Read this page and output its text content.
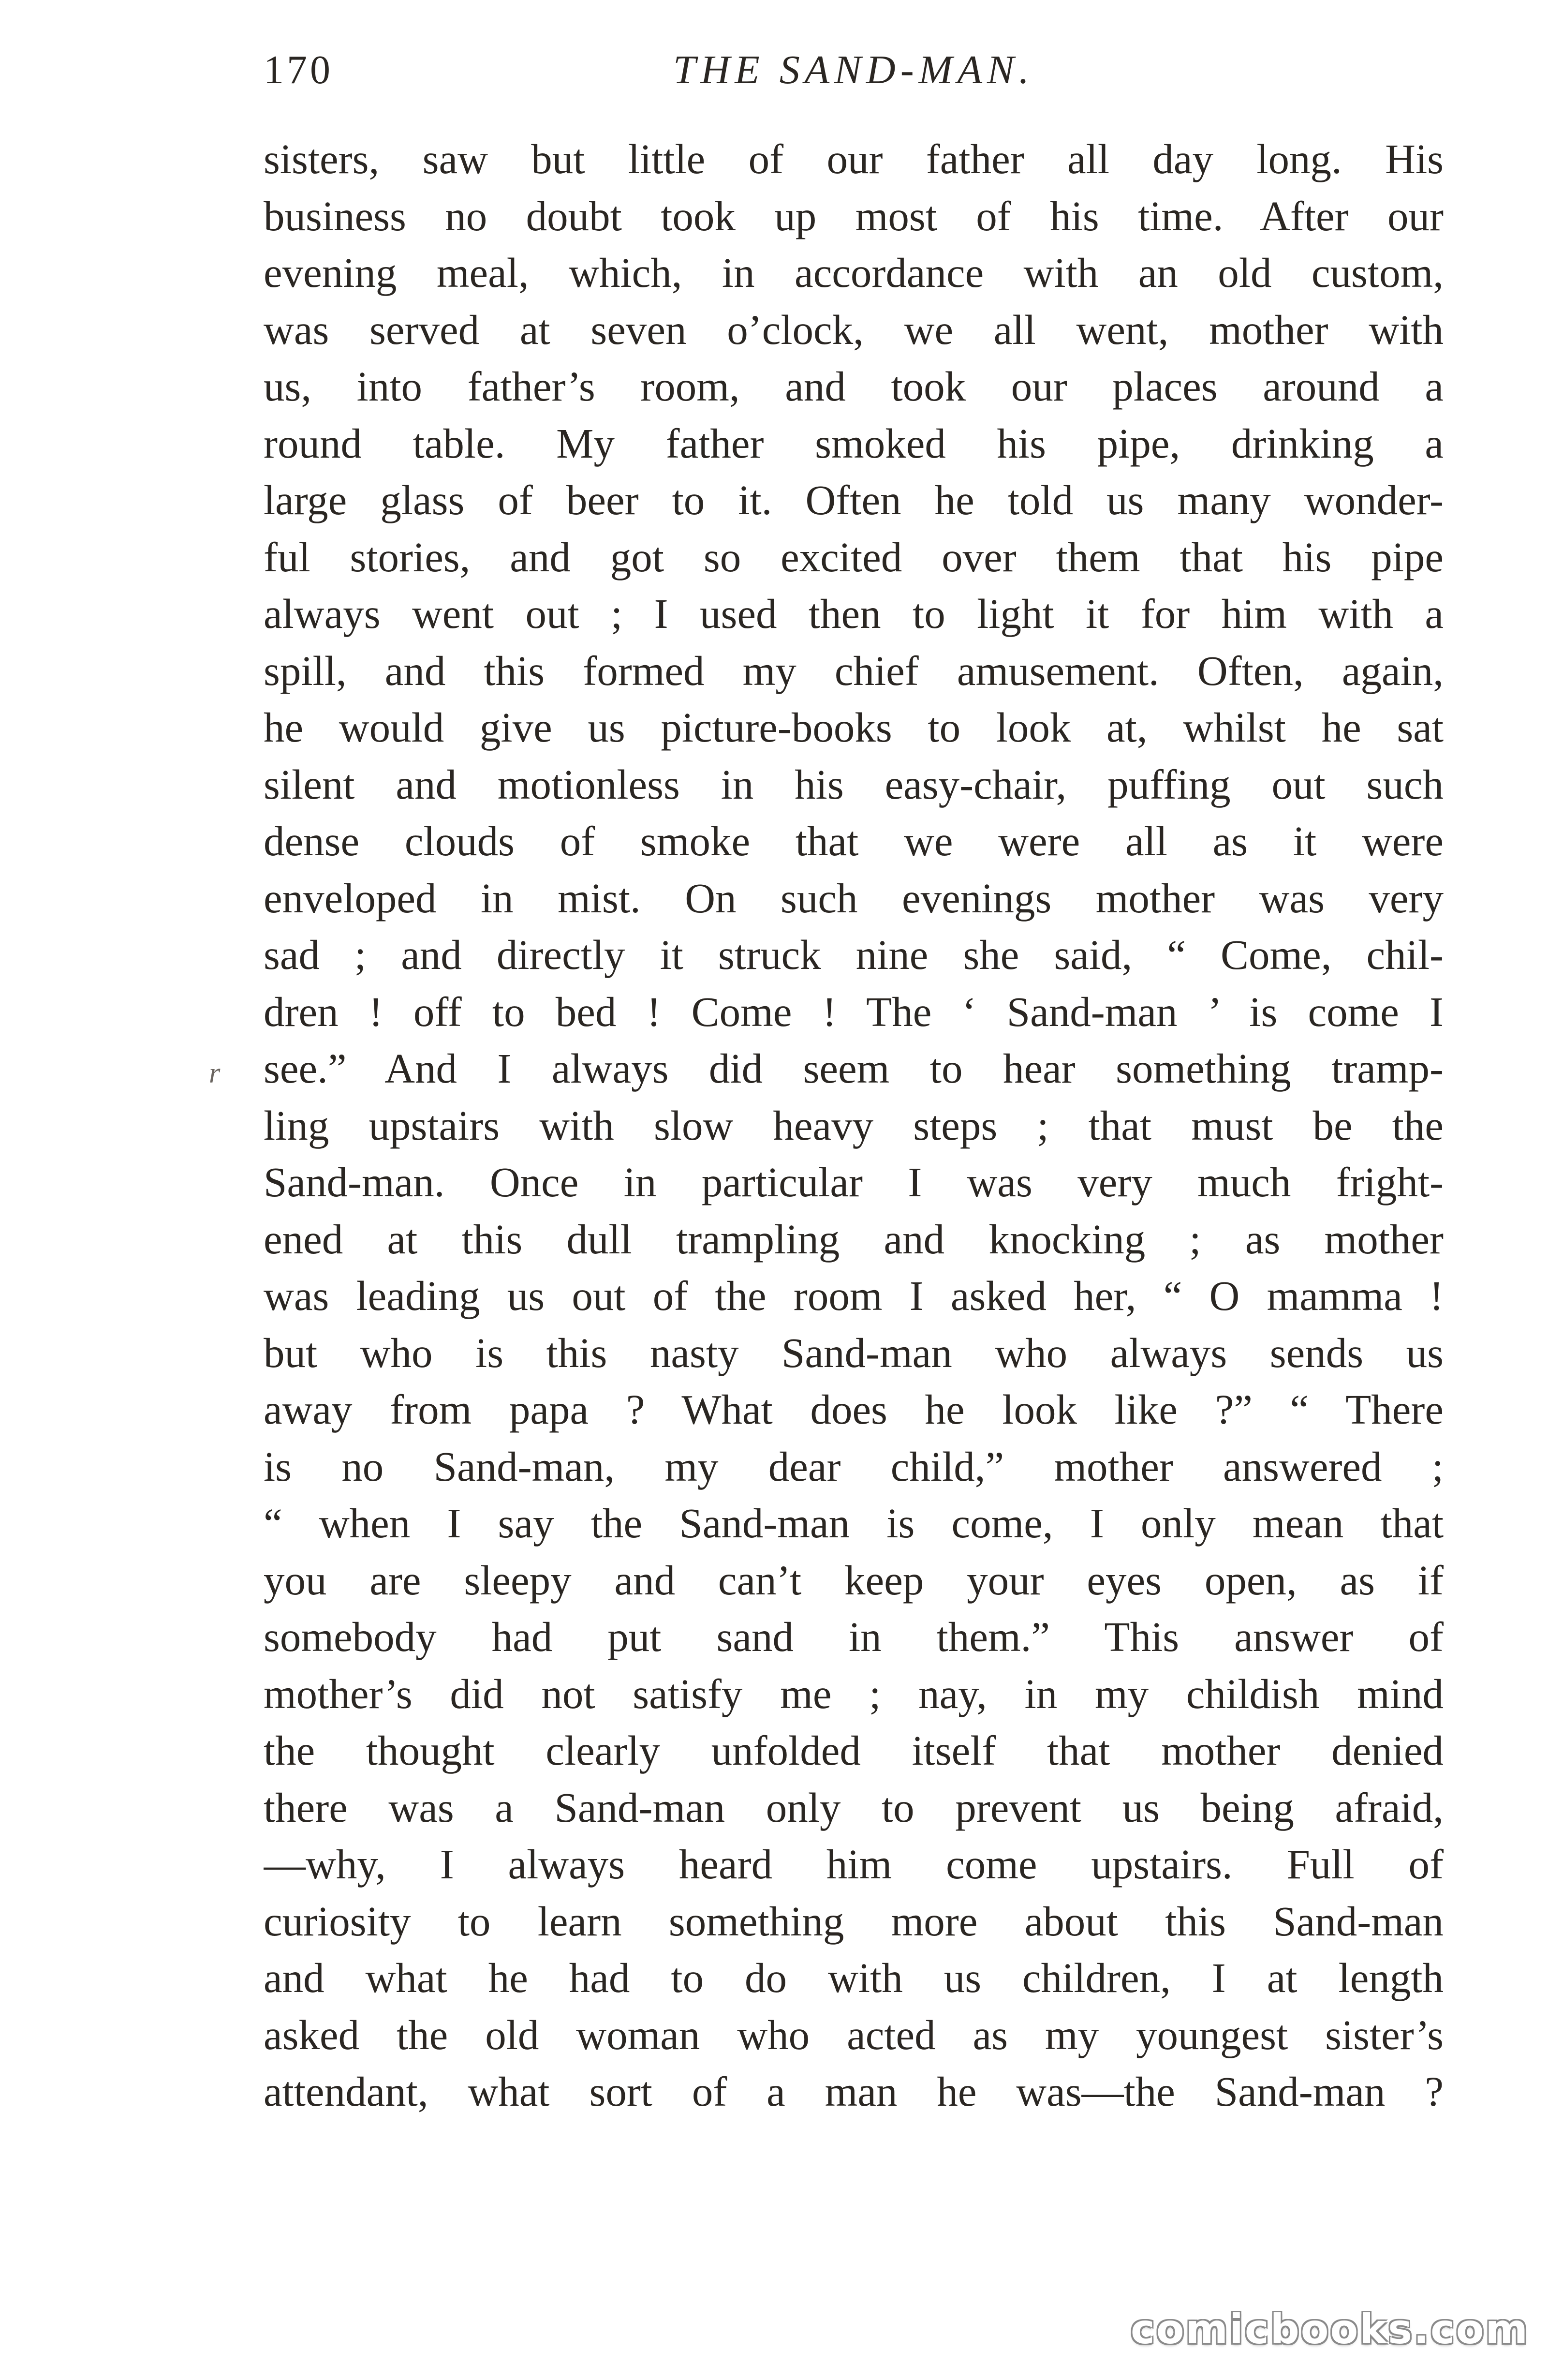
170	THE SAND-MAN.
r
sisters, saw but little of our father all day long. His
business no doubt took up most of his time. After our
evening meal, which, in accordance with an old custom,
was served at seven o’clock, we all went, mother with
us, into father’s room, and took our places around a
round table. My father smoked his pipe, drinking a
large glass of beer to it. Often he told us many wonder-
ful stories, and got so excited over them that his pipe
always went out ; I used then to light it for him with a
spill, and this formed my chief amusement. Often, again,
he would give us picture-books to look at, whilst he sat
silent and motionless in his easy-chair, puffing out such
dense clouds of smoke that we were all as it were
enveloped in mist. On such evenings mother was very
sad ; and directly it struck nine she said, “ Come, chil-
dren ! off to bed ! Come ! The ‘ Sand-man ’ is come I
see.” And I always did seem to hear something tramp-
ling upstairs with slow heavy steps ; that must be the
Sand-man. Once in particular I was very much fright-
ened at this dull trampling and knocking ; as mother
was leading us out of the room I asked her, “ O mamma !
but who is this nasty Sand-man who always sends us
away from papa ? What does he look like ?” “ There
is no Sand-man, my dear child,” mother answered ;
“ when I say the Sand-man is come, I only mean that
you are sleepy and can’t keep your eyes open, as if
somebody had put sand in them.” This answer of
mother’s did not satisfy me ; nay, in my childish mind
the thought clearly unfolded itself that mother denied
there was a Sand-man only to prevent us being afraid,
—why, I always heard him come upstairs. Full of
curiosity to learn something more about this Sand-man
and what he had to do with us children, I at length
asked the old woman who acted as my youngest sister’s
attendant, what sort of a man he was—the Sand-man ?
comicbooks.com
